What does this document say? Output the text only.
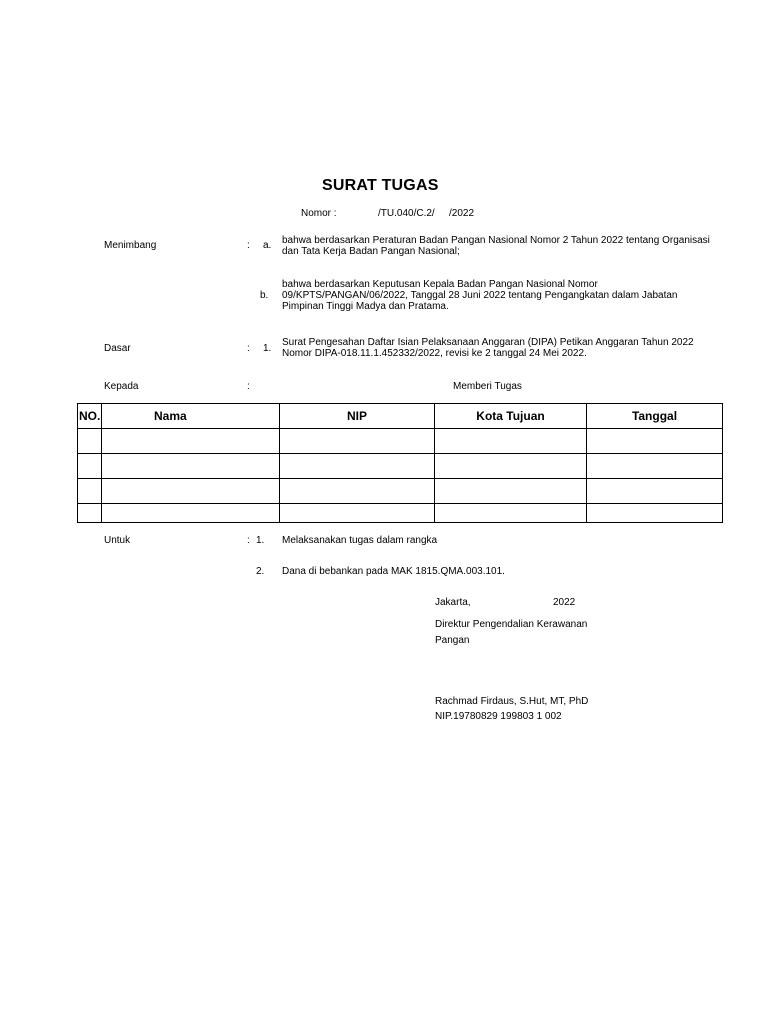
SURAT TUGAS
Nomor :	/TU.040/C.2/ /2022
Menimbang	: a. bahwa berdasarkan Peraturan Badan Pangan Nasional Nomor 2 Tahun 2022 tentang Organisasi
dan Tata Kerja Badan Pangan Nasional;
b.
bahwa berdasarkan Keputusan Kepala Badan Pangan Nasional Nomor
09/KPTS/PANGAN/06/2022, Tanggal 28 Juni 2022 tentang Pengangkatan dalam Jabatan
Pimpinan Tinggi Madya dan Pratama.
Dasar	: 1.
Surat Pengesahan Daftar Isian Pelaksanaan Anggaran (DIPA) Petikan Anggaran Tahun 2022
Nomor DIPA-018.11.1.452332/2022, revisi ke 2 tanggal 24 Mei 2022.
Kepada	:	Memberi Tugas
NO.	Nama	NIP	Kota Tujuan	Tanggal

Untuk	: 1. Melaksanakan tugas dalam rangka
2. Dana di bebankan pada MAK 1815.QMA.003.101.
Jakarta,	2022
Direktur Pengendalian Kerawanan
Pangan
Rachmad Firdaus, S.Hut, MT, PhD
NIP.19780829 199803 1 002
